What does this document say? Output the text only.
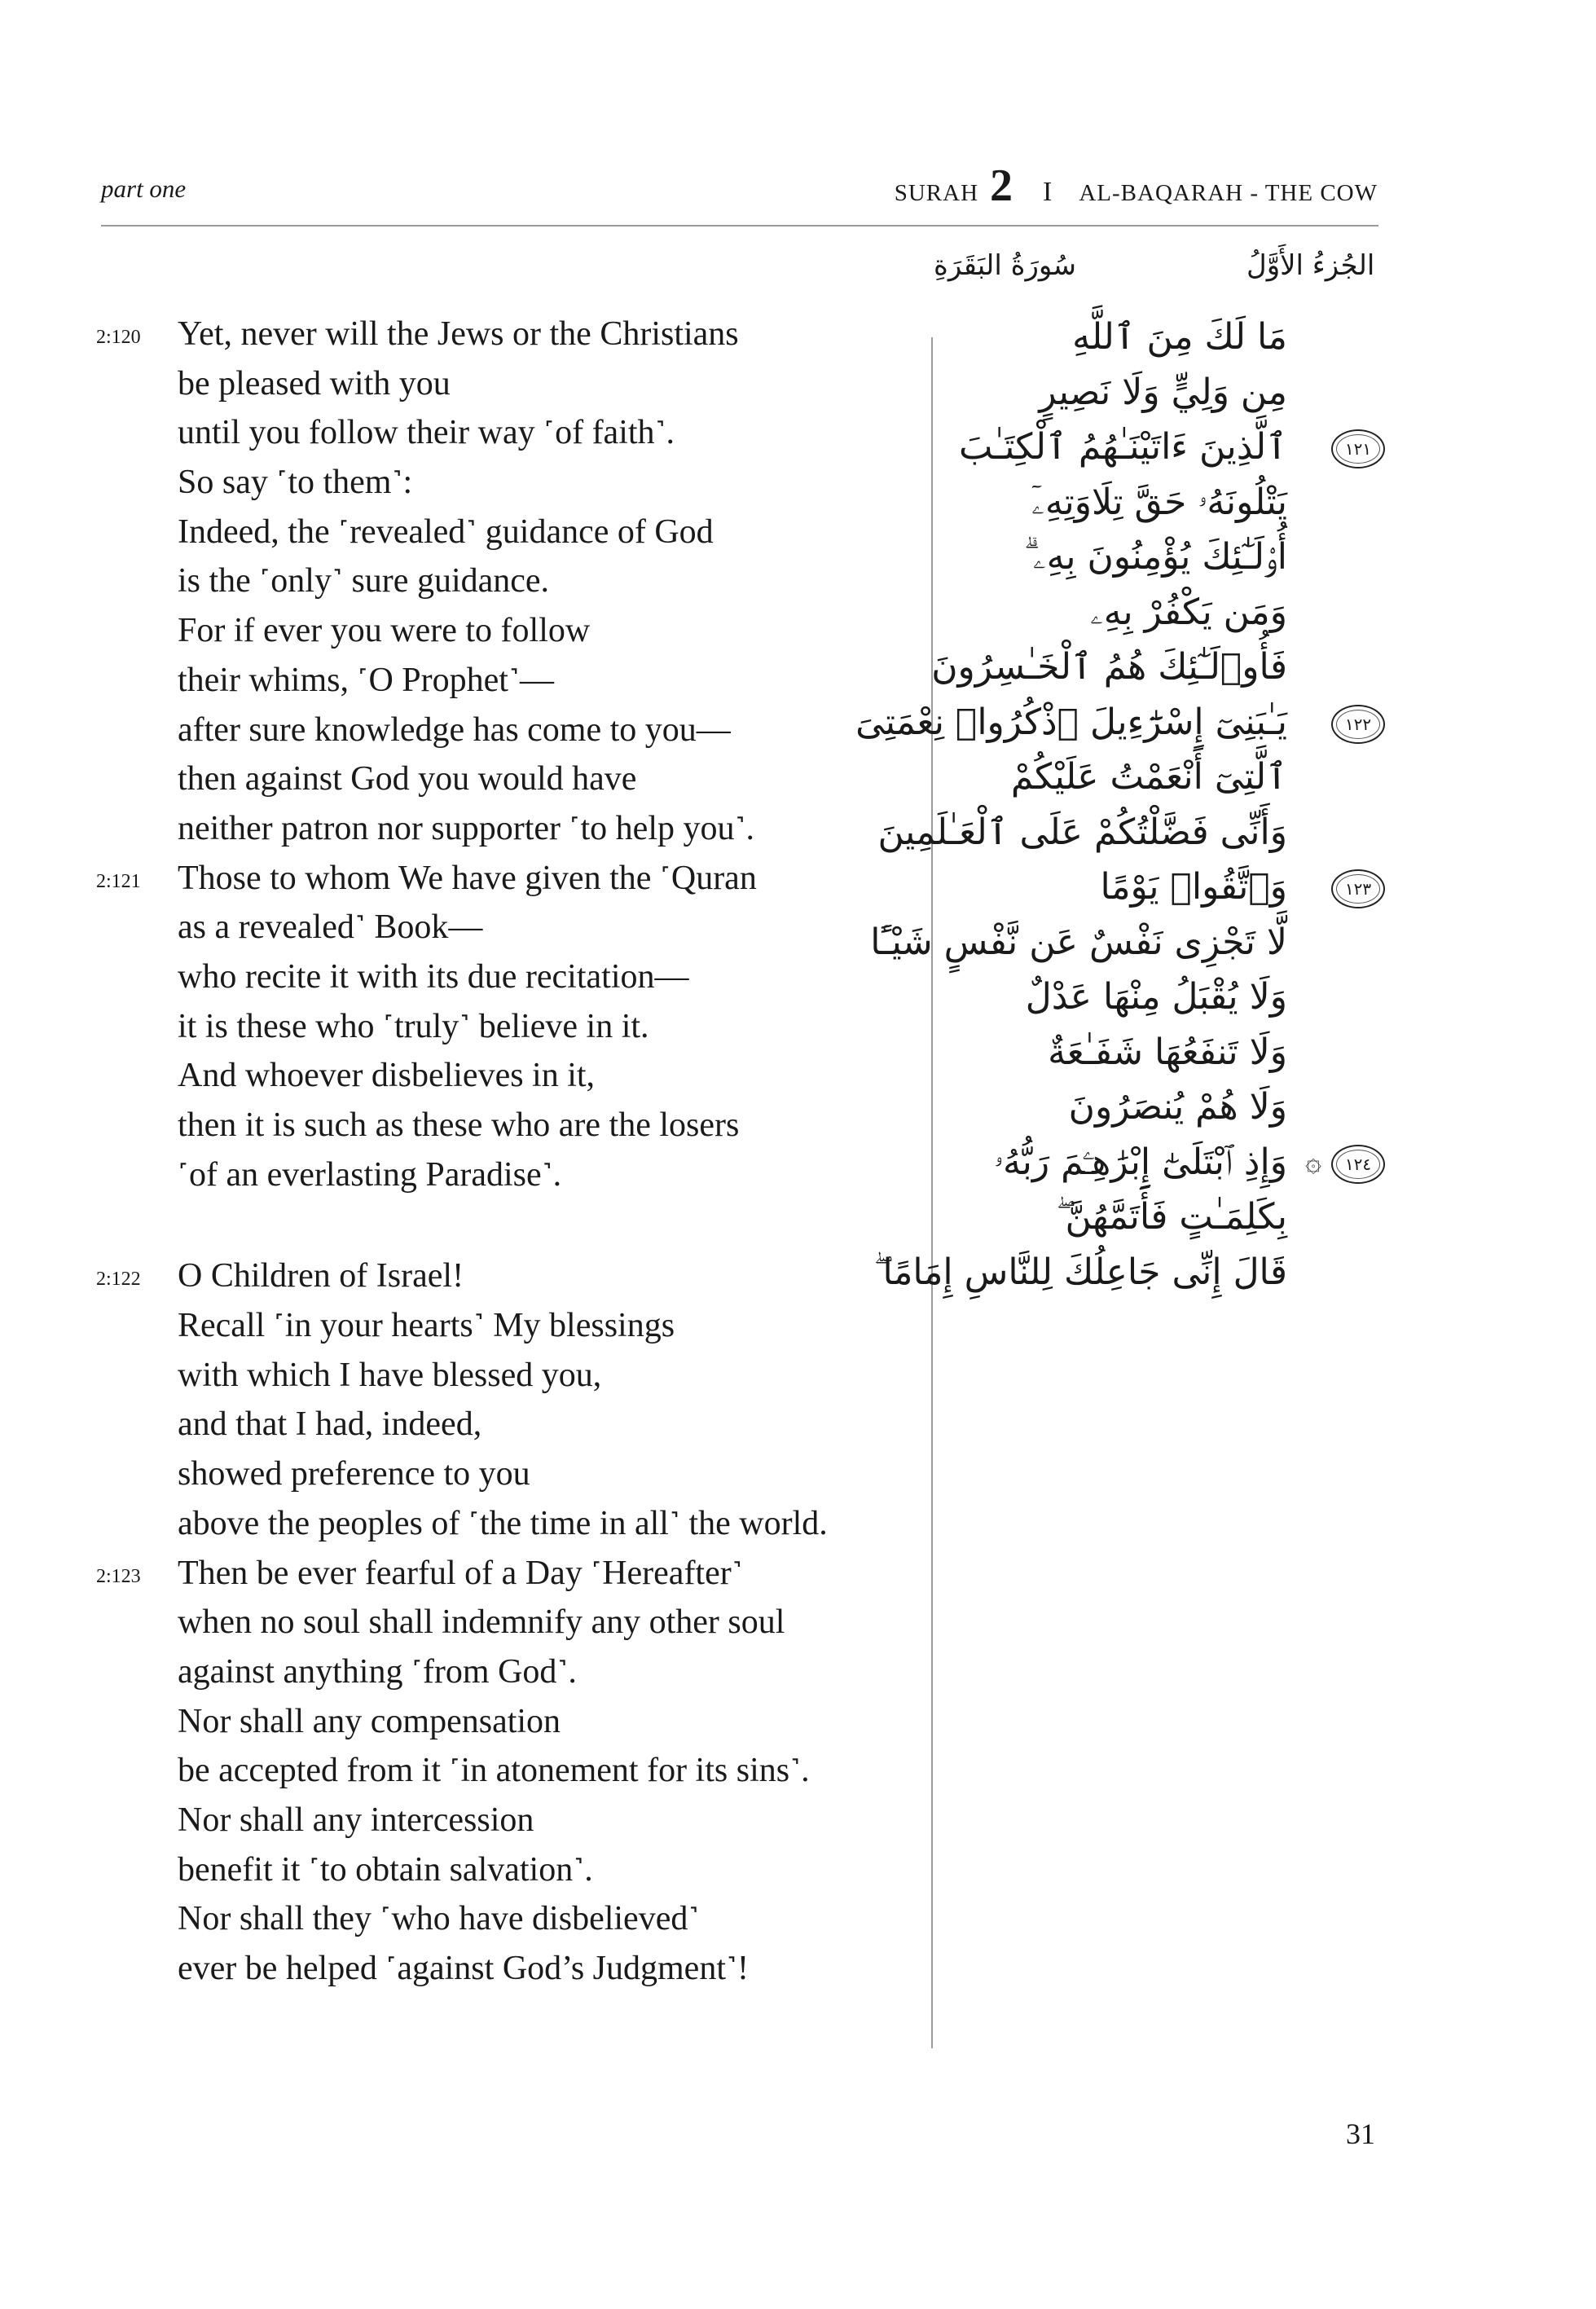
part one	SURAH 2 I AL-BAQARAH - THE COW
سُورَةُ البَقَرَةِ	الجُزءُ الأَوَّلُ
2:120 Yet, never will the Jews or the Christians
be pleased with you
until you follow their way ˹of faith˺.
So say ˹to them˺:
Indeed, the ˹revealed˺ guidance of God
is the ˹only˺ sure guidance.
For if ever you were to follow
their whims, ˹O Prophet˺—
after sure knowledge has come to you—
then against God you would have
neither patron nor supporter ˹to help you˺.
2:121 Those to whom We have given the ˹Quran
as a revealed˺ Book—
who recite it with its due recitation—
it is these who ˹truly˺ believe in it.
And whoever disbelieves in it,
then it is such as these who are the losers
˹of an everlasting Paradise˺.
2:122 O Children of Israel!
Recall ˹in your hearts˺ My blessings
with which I have blessed you,
and that I had, indeed,
showed preference to you
above the peoples of ˹the time in all˺ the world.
2:123 Then be ever fearful of a Day ˹Hereafter˺
when no soul shall indemnify any other soul
against anything ˹from God˺.
Nor shall any compensation
be accepted from it ˹in atonement for its sins˺.
Nor shall any intercession
benefit it ˹to obtain salvation˺.
Nor shall they ˹who have disbelieved˺
ever be helped ˹against God’s Judgment˺!
مَا لَكَ مِنَ ٱللَّهِ
مِن وَلِيٍّ وَلَا نَصِيرٍ
١٢١
ٱلَّذِينَ ءَاتَيْنَـٰهُمُ ٱلْكِتَـٰبَ
يَتْلُونَهُۥ حَقَّ تِلَاوَتِهِۦٓ
أُو۟لَـٰٓئِكَ يُؤْمِنُونَ بِهِۦ ۗ
وَمَن يَكْفُرْ بِهِۦ
فَأُو۟لَـٰٓئِكَ هُمُ ٱلْخَـٰسِرُونَ
١٢٢
يَـٰبَنِىٓ إِسْرَٰٓءِيلَ ٱذْكُرُوا۟ نِعْمَتِىَ
ٱلَّتِىٓ أَنْعَمْتُ عَلَيْكُمْ
وَأَنِّى فَضَّلْتُكُمْ عَلَى ٱلْعَـٰلَمِينَ
١٢٣
وَٱتَّقُوا۟ يَوْمًا
لَّا تَجْزِى نَفْسٌ عَن نَّفْسٍ شَيْـًٔا
وَلَا يُقْبَلُ مِنْهَا عَدْلٌ
وَلَا تَنفَعُهَا شَفَـٰعَةٌ
وَلَا هُمْ يُنصَرُونَ
١٢٤
۞
وَإِذِ ٱبْتَلَىٰٓ إِبْرَٰهِـۧمَ رَبُّهُۥ
بِكَلِمَـٰتٍ فَأَتَمَّهُنَّ ۖ
قَالَ إِنِّى جَاعِلُكَ لِلنَّاسِ إِمَامًا ۖ
31
